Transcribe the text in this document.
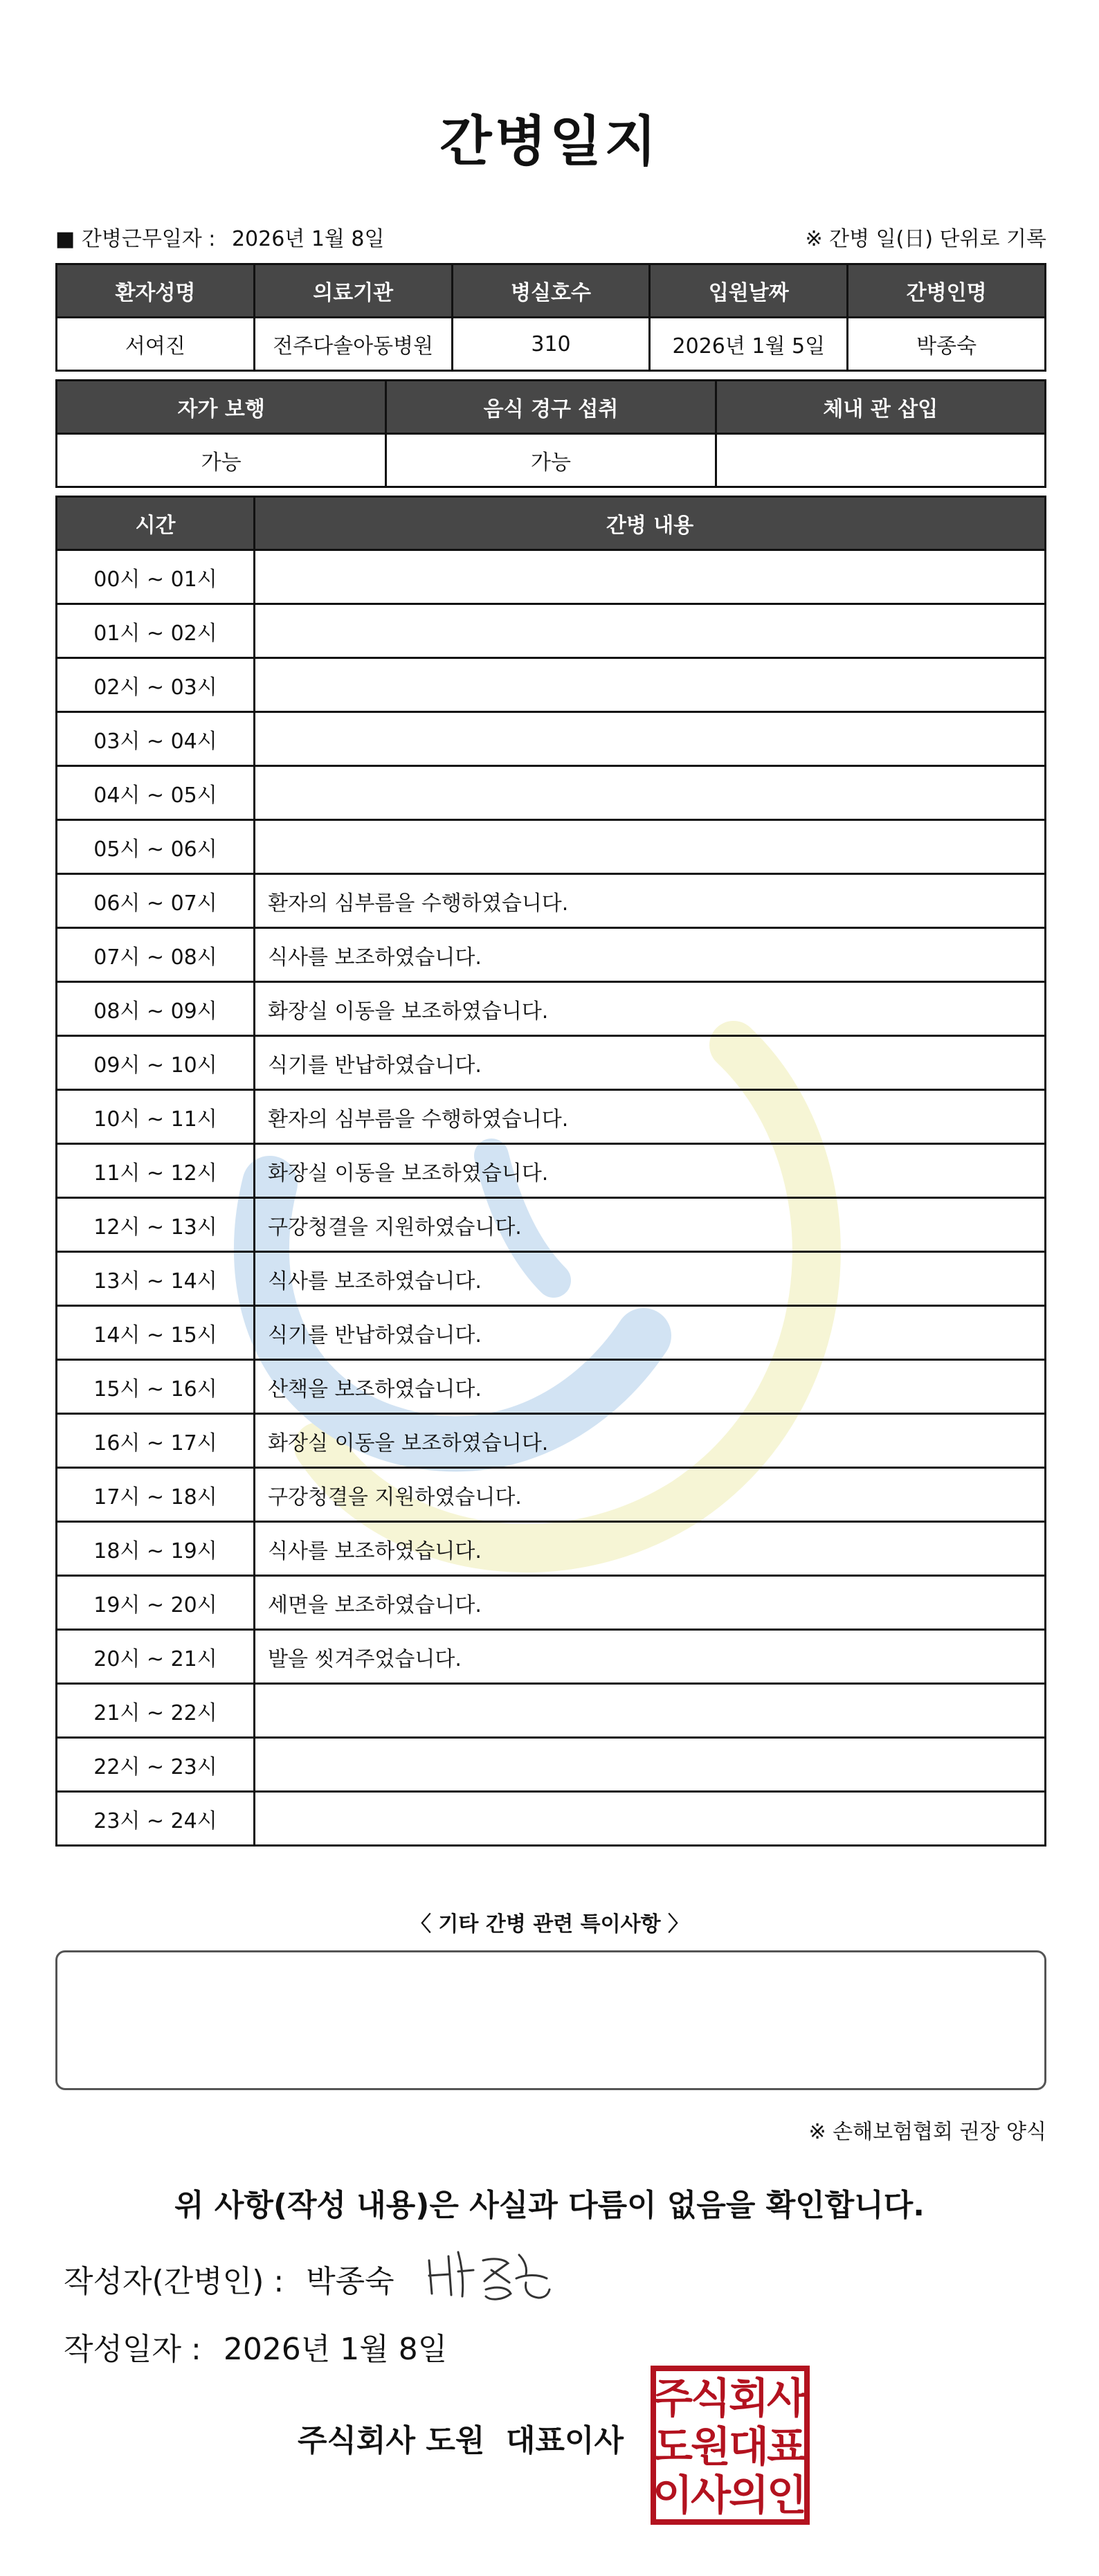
간병일지
■ 간병근무일자 : 2026년 1월 8일	※ 간병 일(日) 단위로 기록
환자성명	의료기관	병실호수	입원날짜	간병인명
서여진	전주다솔아동병원	310	2026년 1월 5일	박종숙
자가 보행	음식 경구 섭취	체내 관 삽입
가능	가능	
시간	간병 내용
00시 ~ 01시	
01시 ~ 02시	
02시 ~ 03시	
03시 ~ 04시	
04시 ~ 05시	
05시 ~ 06시	
06시 ~ 07시	환자의 심부름을 수행하였습니다.
07시 ~ 08시	식사를 보조하였습니다.
08시 ~ 09시	화장실 이동을 보조하였습니다.
09시 ~ 10시	식기를 반납하였습니다.
10시 ~ 11시	환자의 심부름을 수행하였습니다.
11시 ~ 12시	화장실 이동을 보조하였습니다.
12시 ~ 13시	구강청결을 지원하였습니다.
13시 ~ 14시	식사를 보조하였습니다.
14시 ~ 15시	식기를 반납하였습니다.
15시 ~ 16시	산책을 보조하였습니다.
16시 ~ 17시	화장실 이동을 보조하였습니다.
17시 ~ 18시	구강청결을 지원하였습니다.
18시 ~ 19시	식사를 보조하였습니다.
19시 ~ 20시	세면을 보조하였습니다.
20시 ~ 21시	발을 씻겨주었습니다.
21시 ~ 22시	
22시 ~ 23시	
23시 ~ 24시	
〈 기타 간병 관련 특이사항 〉
※ 손해보험협회 권장 양식
위 사항(작성 내용)은 사실과 다름이 없음을 확인합니다.
작성자(간병인) : 박종숙
작성일자 : 2026년 1월 8일
주식회사 도원  대표이사
주
식
회
사
도
원
대
표
이
사
의
인
